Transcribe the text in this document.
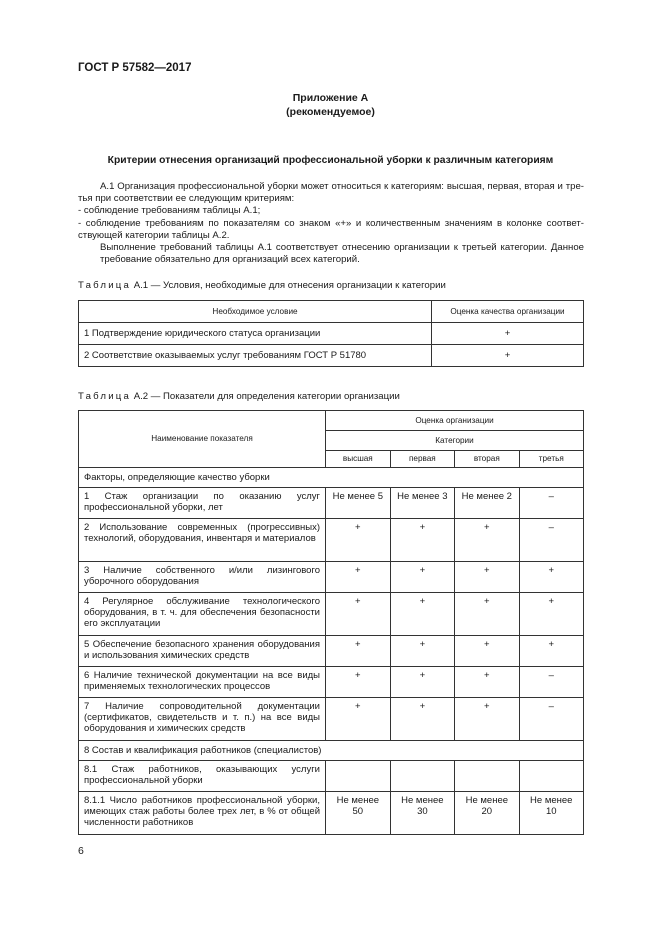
ГОСТ Р 57582—2017
Приложение А
(рекомендуемое)
Критерии отнесения организаций профессиональной уборки к различным категориям
А.1 Организация профессиональной уборки может относиться к категориям: высшая, первая, вторая и тре-
тья при соответствии ее следующим критериям:
- соблюдение требованиям таблицы А.1;
- соблюдение требованиям по показателям со знаком «+» и количественным значениям в колонке соответ-
ствующей категории таблицы А.2.
Выполнение требований таблицы А.1 соответствует отнесению организации к третьей категории. Данное
требование обязательно для организаций всех категорий.
Таблица А.1 — Условия, необходимые для отнесения организации к категории
Необходимое условие	Оценка качества организации
1 Подтверждение юридического статуса организации	+
2 Соответствие оказываемых услуг требованиям ГОСТ Р 51780	+
Таблица А.2 — Показатели для определения категории организации
Наименование показателя	Оценка организации			
	Категории			
	высшая	первая	вторая	третья
Факторы, определяющие качество уборки				
1 Стаж организации по оказанию услуг профессиональной уборки, лет	Не менее 5	Не менее 3	Не менее 2	–
2 Использование современных (прогрессивных) технологий, оборудования, инвентаря и материалов	+	+	+	–
3 Наличие собственного и/или лизингового уборочного оборудования	+	+	+	+
4 Регулярное обслуживание технологического оборудования, в т. ч. для обеспечения безопасности его эксплуатации	+	+	+	+
5 Обеспечение безопасного хранения оборудования и использования химических средств	+	+	+	+
6 Наличие технической документации на все виды применяемых технологических процессов	+	+	+	–
7 Наличие сопроводительной документации (сертификатов, свидетельств и т. п.) на все виды оборудования и химических средств	+	+	+	–
8 Состав и квалификация работников (специалистов)				
8.1 Стаж работников, оказывающих услуги профессиональной уборки				
8.1.1 Число работников профессиональной уборки, имеющих стаж работы более трех лет, в % от общей численности работников	Не менее 50	Не менее 30	Не менее 20	Не менее 10
6
